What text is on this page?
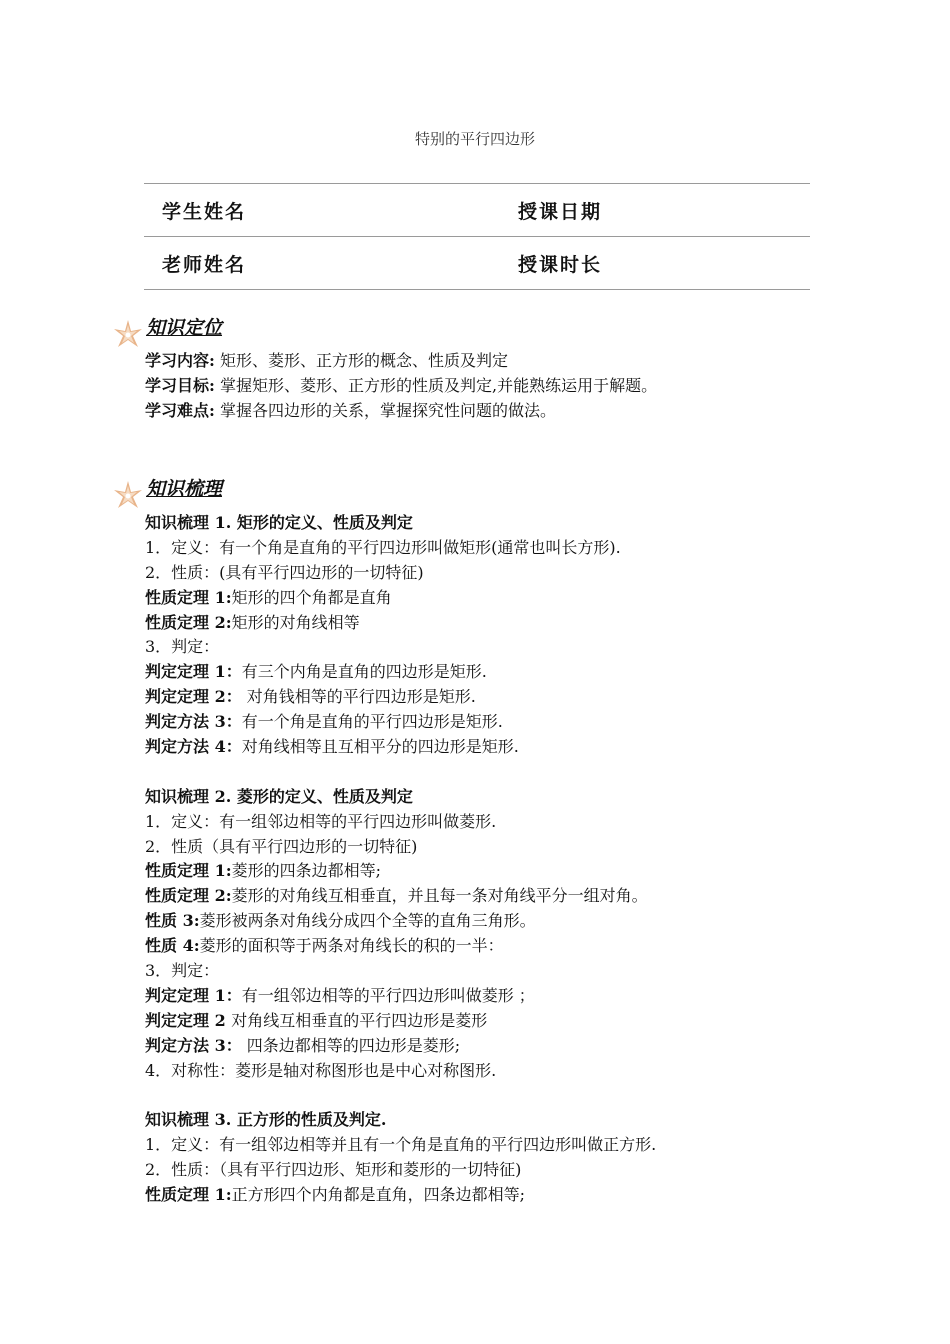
特别的平行四边形
学生姓名	授课日期
老师姓名	授课时长
知识定位
学习内容: 矩形、菱形、正方形的概念、性质及判定
学习目标: 掌握矩形、菱形、正方形的性质及判定,并能熟练运用于解题。
学习难点: 掌握各四边形的关系，掌握探究性问题的做法。
知识梳理
知识梳理 1. 矩形的定义、性质及判定
1．定义：有一个角是直角的平行四边形叫做矩形(通常也叫长方形).
2．性质：(具有平行四边形的一切特征)
性质定理 1:矩形的四个角都是直角
性质定理 2:矩形的对角线相等
3．判定：
判定定理 1：有三个内角是直角的四边形是矩形.
判定定理 2： 对角钱相等的平行四边形是矩形.
判定方法 3：有一个角是直角的平行四边形是矩形.
判定方法 4：对角线相等且互相平分的四边形是矩形.
知识梳理 2. 菱形的定义、性质及判定
1．定义：有一组邻边相等的平行四边形叫做菱形.
2．性质（具有平行四边形的一切特征)
性质定理 1:菱形的四条边都相等;
性质定理 2:菱形的对角线互相垂直，并且每一条对角线平分一组对角。
性质 3:菱形被两条对角线分成四个全等的直角三角形。
性质 4:菱形的面积等于两条对角线长的积的一半：
3．判定：
判定定理 1：有一组邻边相等的平行四边形叫做菱形 ；
判定定理 2 对角线互相垂直的平行四边形是菱形
判定方法 3： 四条边都相等的四边形是菱形;
4．对称性：菱形是轴对称图形也是中心对称图形.
知识梳理 3. 正方形的性质及判定.
1．定义：有一组邻边相等并且有一个角是直角的平行四边形叫做正方形.
2．性质：（具有平行四边形、矩形和菱形的一切特征)
性质定理 1:正方形四个内角都是直角，四条边都相等;
